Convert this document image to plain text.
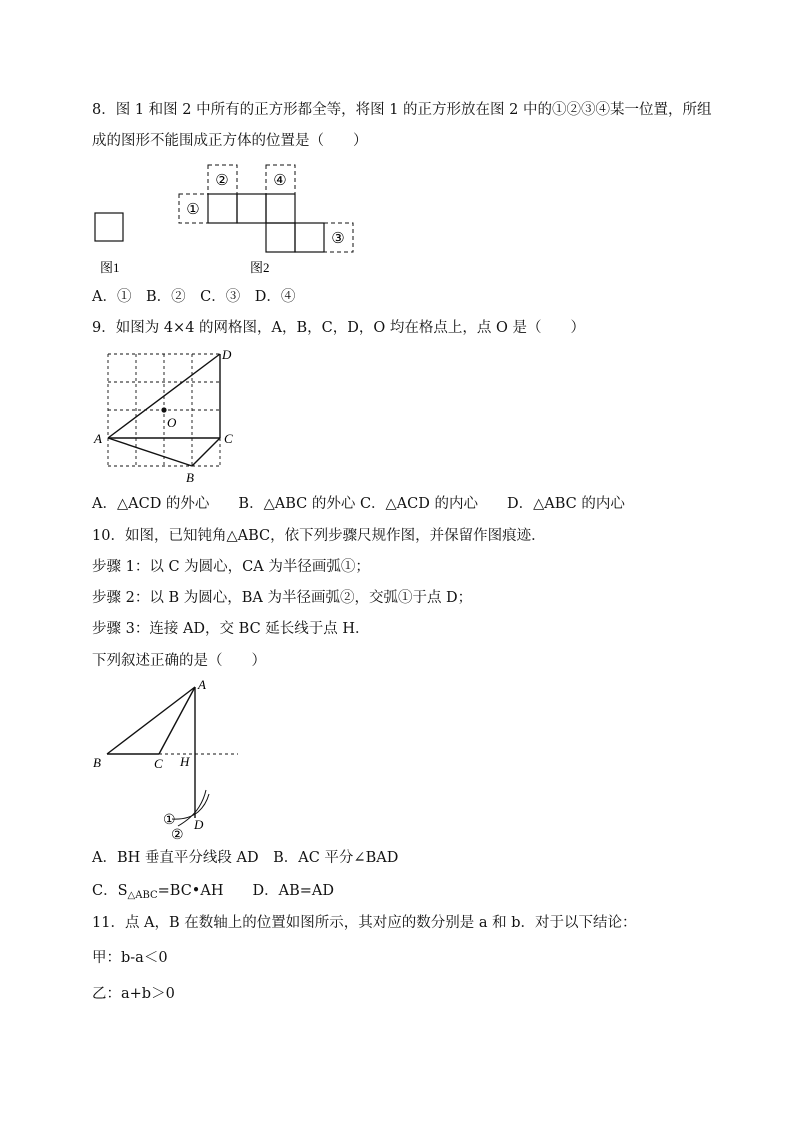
8．图 1 和图 2 中所有的正方形都全等，将图 1 的正方形放在图 2 中的①②③④某一位置，所组
成的图形不能围成正方体的位置是（　　）
图1
①
②
③
④
图2
A．①　B．②　C．③　D．④
9．如图为 4×4 的网格图，A，B，C，D，O 均在格点上，点 O 是（　　）
A
B
C
D
O
A．△ACD 的外心　　B．△ABC 的外心 C．△ACD 的内心　　D．△ABC 的内心
10．如图，已知钝角△ABC，依下列步骤尺规作图，并保留作图痕迹．
步骤 1：以 C 为圆心，CA 为半径画弧①；
步骤 2：以 B 为圆心，BA 为半径画弧②，交弧①于点 D；
步骤 3：连接 AD，交 BC 延长线于点 H．
下列叙述正确的是（　　）
A
B	C H
D
①
②
A．BH 垂直平分线段 AD　B．AC 平分∠BAD
C．$S_{\triangle ABC}=BC•AH$　　D．AB=AD
11．点 A，B 在数轴上的位置如图所示，其对应的数分别是 a 和 b．对于以下结论：
甲：b-a＜0
乙：a+b＞0
